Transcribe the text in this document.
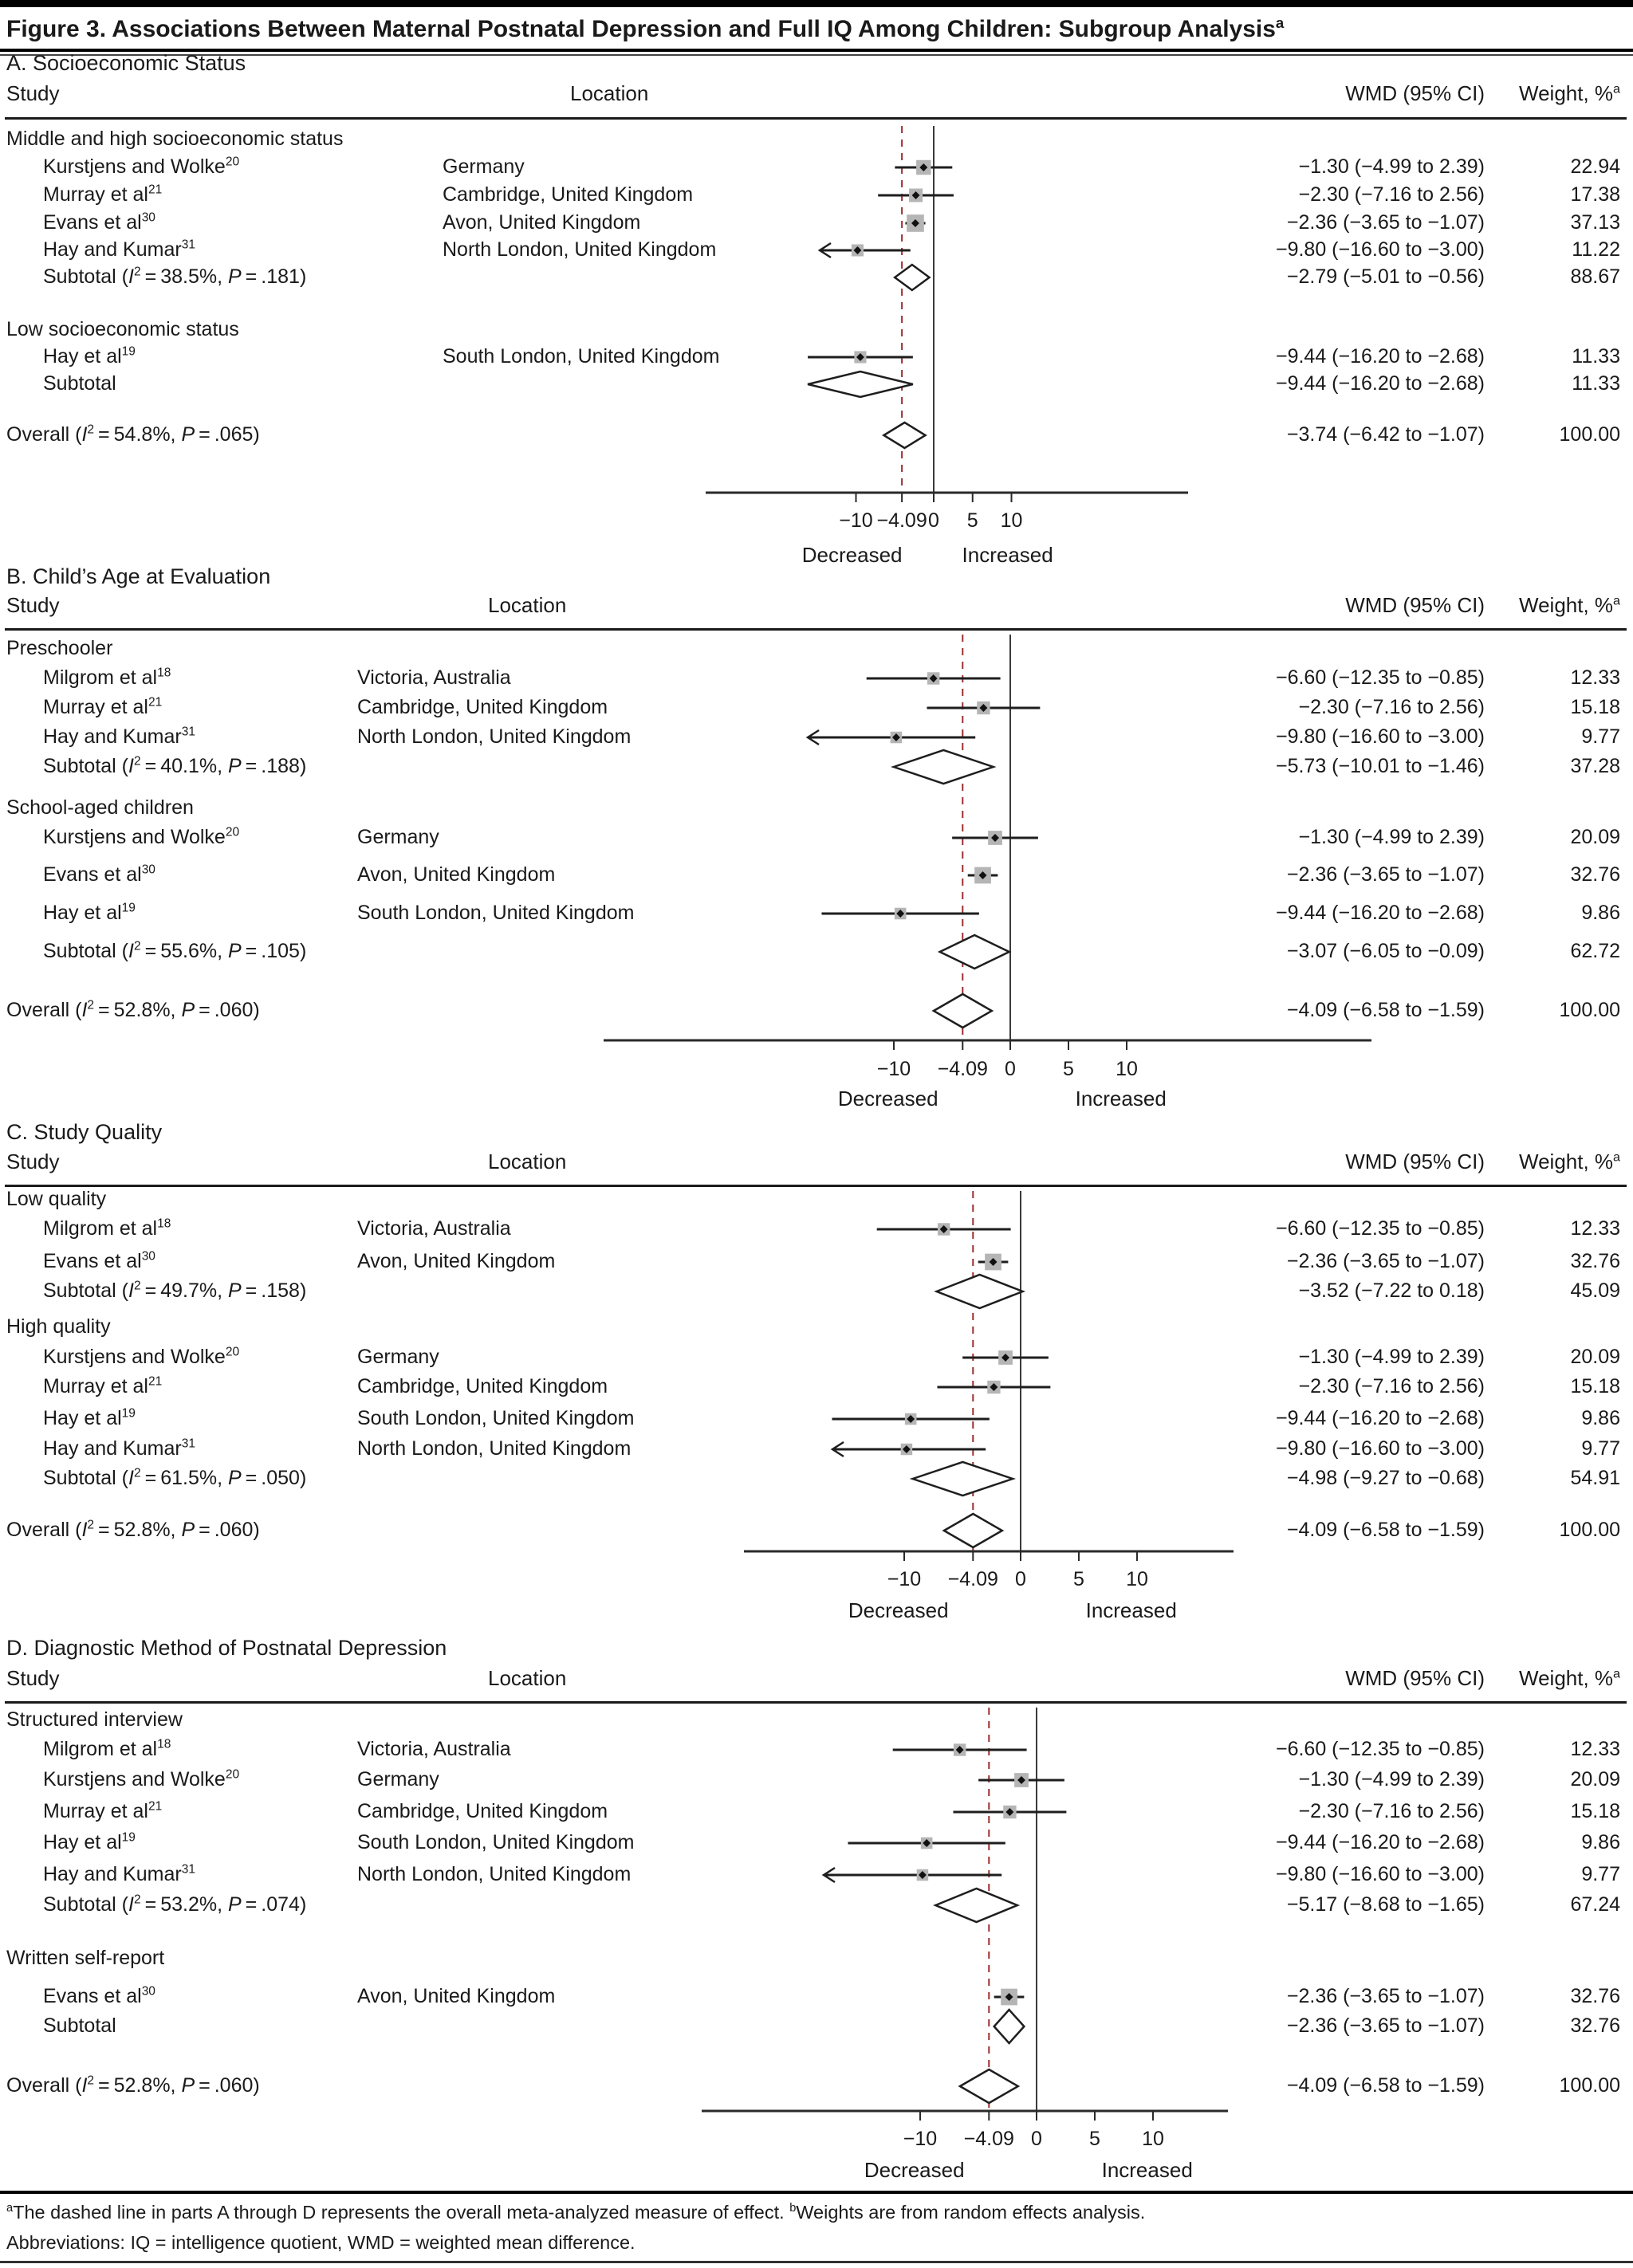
Figure 3. Associations Between Maternal Postnatal Depression and Full IQ Among Children: Subgroup Analysis$^a$
−10 −4.09 0 5 10
Decreased	Increased
−10 −4.09 0 5 10
Decreased	Increased
−10 −4.09 0 5 10
Decreased	Increased
−10 −4.09 0 5 10
Decreased	Increased
A. Socioeconomic Status
Study	Location	WMD (95% CI)	Weight, %$^a$
Middle and high socioeconomic status
Kurstjens and Wolke$^{20}$	Germany	−1.30 (−4.99 to 2.39)	22.94
Murray et $al^{21}$	Cambridge, United Kingdom	−2.30 (−7.16 to 2.56)	17.38
Evans et $al^{30}$	Avon, United Kingdom	−2.36 (−3.65 to −1.07)	37.13
Hay and Kumar$^{31}$	North London, United Kingdom	−9.80 (−16.60 to −3.00)	11.22
Subtotal ($I^2 = 38.5\%$, P = .181)	−2.79 (−5.01 to −0.56)	88.67
Low socioeconomic status
Hay et $al^{19}$	South London, United Kingdom	−9.44 (−16.20 to −2.68)	11.33
Subtotal	−9.44 (−16.20 to −2.68)	11.33
Overall ($I^2 = 54.8\%$, P = .065)	−3.74 (−6.42 to −1.07)	100.00
B. Child’s Age at Evaluation
Study	Location	WMD (95% CI)	Weight, %$^a$
Preschooler
Milgrom et $al^{18}$	Victoria, Australia	−6.60 (−12.35 to −0.85)	12.33
Murray et $al^{21}$	Cambridge, United Kingdom	−2.30 (−7.16 to 2.56)	15.18
Hay and Kumar$^{31}$	North London, United Kingdom	−9.80 (−16.60 to −3.00)	9.77
Subtotal ($I^2 = 40.1\%$, P = .188)	−5.73 (−10.01 to −1.46)	37.28
School-aged children
Kurstjens and Wolke$^{20}$	Germany	−1.30 (−4.99 to 2.39)	20.09
Evans et $al^{30}$	Avon, United Kingdom	−2.36 (−3.65 to −1.07)	32.76
Hay et $al^{19}$	South London, United Kingdom	−9.44 (−16.20 to −2.68)	9.86
Subtotal ($I^2 = 55.6\%$, P = .105)	−3.07 (−6.05 to −0.09)	62.72
Overall ($I^2 = 52.8\%$, P = .060)	−4.09 (−6.58 to −1.59)	100.00
C. Study Quality
Study	Location	WMD (95% CI)	Weight, %$^a$
Low quality
Milgrom et $al^{18}$	Victoria, Australia	−6.60 (−12.35 to −0.85)	12.33
Evans et $al^{30}$	Avon, United Kingdom	−2.36 (−3.65 to −1.07)	32.76
Subtotal ($I^2 = 49.7\%$, P = .158)	−3.52 (−7.22 to 0.18)	45.09
High quality
Kurstjens and Wolke$^{20}$	Germany	−1.30 (−4.99 to 2.39)	20.09
Murray et $al^{21}$	Cambridge, United Kingdom	−2.30 (−7.16 to 2.56)	15.18
Hay et $al^{19}$	South London, United Kingdom	−9.44 (−16.20 to −2.68)	9.86
Hay and Kumar$^{31}$	North London, United Kingdom	−9.80 (−16.60 to −3.00)	9.77
Subtotal ($I^2 = 61.5\%$, P = .050)	−4.98 (−9.27 to −0.68)	54.91
Overall ($I^2 = 52.8\%$, P = .060)	−4.09 (−6.58 to −1.59)	100.00
D. Diagnostic Method of Postnatal Depression
Study	Location	WMD (95% CI)	Weight, %$^a$
Structured interview
Milgrom et $al^{18}$	Victoria, Australia	−6.60 (−12.35 to −0.85)	12.33
Kurstjens and Wolke$^{20}$	Germany	−1.30 (−4.99 to 2.39)	20.09
Murray et $al^{21}$	Cambridge, United Kingdom	−2.30 (−7.16 to 2.56)	15.18
Hay et $al^{19}$	South London, United Kingdom	−9.44 (−16.20 to −2.68)	9.86
Hay and Kumar$^{31}$	North London, United Kingdom	−9.80 (−16.60 to −3.00)	9.77
Subtotal ($I^2 = 53.2\%$, P = .074)	−5.17 (−8.68 to −1.65)	67.24
Written self-report
Evans et $al^{30}$	Avon, United Kingdom	−2.36 (−3.65 to −1.07)	32.76
Subtotal	−2.36 (−3.65 to −1.07)	32.76
Overall ($I^2 = 52.8\%$, P = .060)	−4.09 (−6.58 to −1.59)	100.00
$^a$The dashed line in parts A through D represents the overall meta-analyzed measure of effect. $^b$Weights are from random effects analysis.
Abbreviations: IQ = intelligence quotient, WMD = weighted mean difference.
